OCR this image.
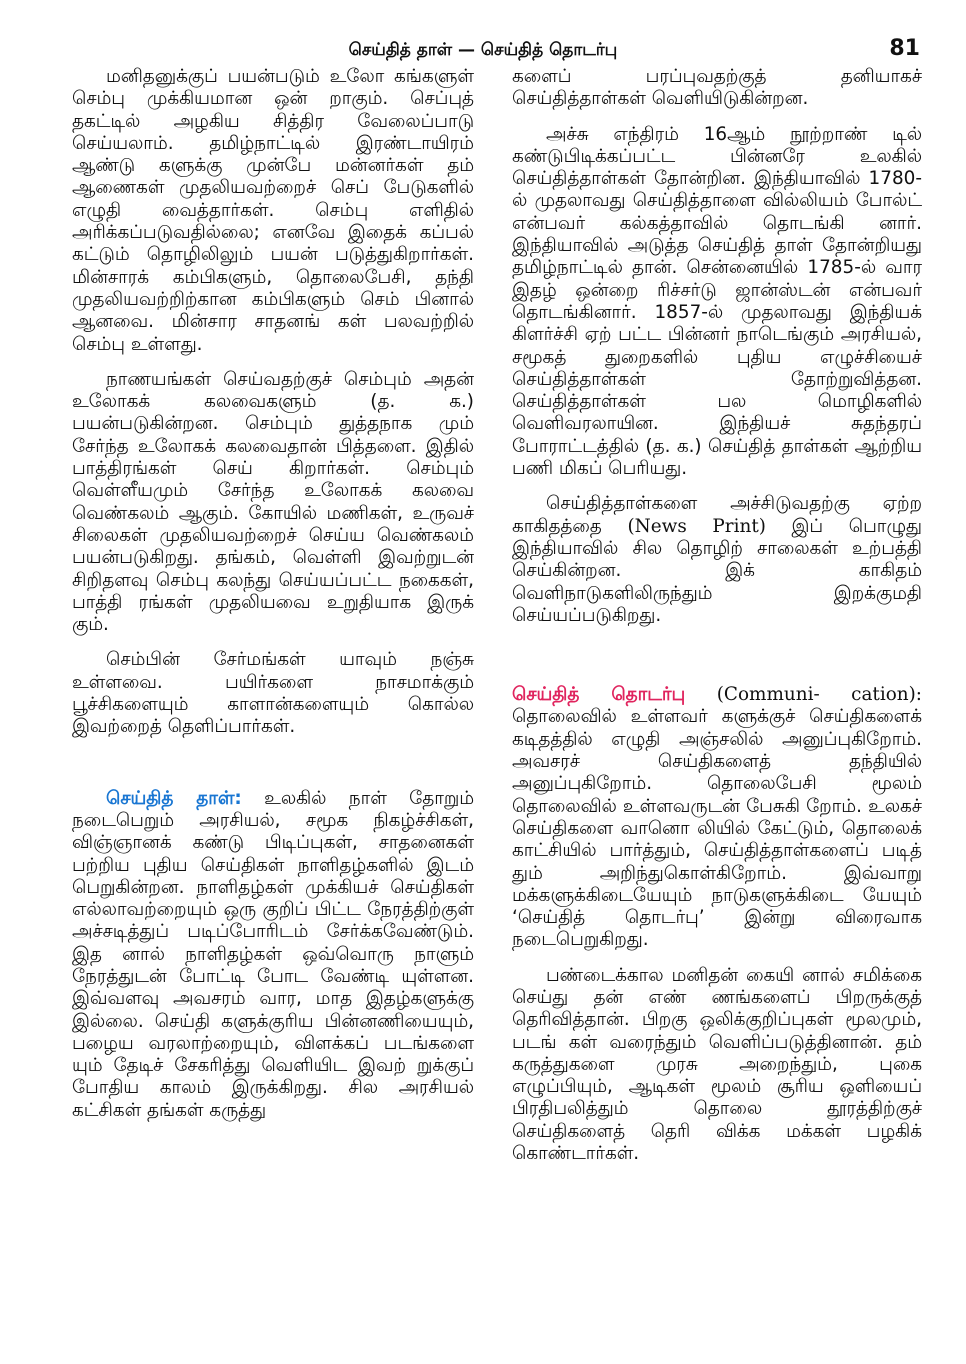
செய்தித் தாள் — செய்தித் தொடர்பு	81

மனிதனுக்குப் பயன்படும் உலோ கங்களுள் செம்பு முக்கியமான ஒன் றாகும். செப்புத் தகட்டில் அழகிய சித்திர வேலைப்பாடு செய்யலாம். தமிழ்நாட்டில் இரண்டாயிரம் ஆண்டு களுக்கு முன்பே மன்னர்கள் தம் ஆணைகள் முதலியவற்றைச் செப் பேடுகளில் எழுதி வைத்தார்கள். செம்பு எளிதில் அரிக்கப்படுவதில்லை; எனவே இதைக் கப்பல் கட்டும் தொழிலிலும் பயன் படுத்துகிறார்கள். மின்சாரக் கம்பிகளும், தொலைபேசி, தந்தி முதலியவற்றிற்கான கம்பிகளும் செம் பினால் ஆனவை. மின்சார சாதனங் கள் பலவற்றில் செம்பு உள்ளது.

நாணயங்கள் செய்வதற்குச் செம்பும் அதன் உலோகக் கலவைகளும் (த. க.) பயன்படுகின்றன. செம்பும் துத்தநாக மும் சேர்ந்த உலோகக் கலவைதான் பித்தளை. இதில் பாத்திரங்கள் செய் கிறார்கள். செம்பும் வெள்ளீயமும் சேர்ந்த உலோகக் கலவை வெண்கலம் ஆகும். கோயில் மணிகள், உருவச் சிலைகள் முதலியவற்றைச் செய்ய வெண்கலம் பயன்படுகிறது. தங்கம், வெள்ளி இவற்றுடன் சிறிதளவு செம்பு கலந்து செய்யப்பட்ட நகைகள், பாத்தி ரங்கள் முதலியவை உறுதியாக இருக் கும்.

செம்பின் சேர்மங்கள் யாவும் நஞ்சு உள்ளவை. பயிர்களை நாசமாக்கும் பூச்சிகளையும் காளான்களையும் கொல்ல இவற்றைத் தெளிப்பார்கள்.

செய்தித் தாள்: உலகில் நாள் தோறும் நடைபெறும் அரசியல், சமூக நிகழ்ச்சிகள், விஞ்ஞானக் கண்டு பிடிப்புகள், சாதனைகள் பற்றிய புதிய செய்திகள் நாளிதழ்களில் இடம் பெறுகின்றன. நாளிதழ்கள் முக்கியச் செய்திகள் எல்லாவற்றையும் ஒரு குறிப் பிட்ட நேரத்திற்குள் அச்சடித்துப் படிப்போரிடம் சேர்க்கவேண்டும். இத னால் நாளிதழ்கள் ஒவ்வொரு நாளும் நேரத்துடன் போட்டி போட வேண்டி யுள்ளன. இவ்வளவு அவசரம் வார, மாத இதழ்களுக்கு இல்லை. செய்தி களுக்குரிய பின்னணியையும், பழைய வரலாற்றையும், விளக்கப் படங்களை யும் தேடிச் சேகரித்து வெளியிட இவற் றுக்குப் போதிய காலம் இருக்கிறது. சில அரசியல் கட்சிகள் தங்கள் கருத்து

களைப் பரப்புவதற்குத் தனியாகச் செய்தித்தாள்கள் வெளியிடுகின்றன.

அச்சு எந்திரம் 16ஆம் நூற்றாண் டில் கண்டுபிடிக்கப்பட்ட பின்னரே உலகில் செய்தித்தாள்கள் தோன்றின. இந்தியாவில் 1780-ல் முதலாவது செய்தித்தாளை வில்லியம் போல்ட் என்பவர் கல்கத்தாவில் தொடங்கி னார். இந்தியாவில் அடுத்த செய்தித் தாள் தோன்றியது தமிழ்நாட்டில் தான். சென்னையில் 1785-ல் வார இதழ் ஒன்றை ரிச்சர்டு ஜான்ஸ்டன் என்பவர் தொடங்கினார். 1857-ல் முதலாவது இந்தியக் கிளர்ச்சி ஏற் பட்ட பின்னர் நாடெங்கும் அரசியல், சமூகத் துறைகளில் புதிய எழுச்சியைச் செய்தித்தாள்கள் தோற்றுவித்தன. செய்தித்தாள்கள் பல மொழிகளில் வெளிவரலாயின. இந்தியச் சுதந்தரப் போராட்டத்தில் (த. க.) செய்தித் தாள்கள் ஆற்றிய பணி மிகப் பெரியது.

செய்தித்தாள்களை அச்சிடுவதற்கு ஏற்ற காகிதத்தை (News Print) இப் பொழுது இந்தியாவில் சில தொழிற் சாலைகள் உற்பத்தி செய்கின்றன. இக் காகிதம் வெளிநாடுகளிலிருந்தும் இறக்குமதி செய்யப்படுகிறது.

செய்தித் தொடர்பு (Communi- cation): தொலைவில் உள்ளவர் களுக்குச் செய்திகளைக் கடிதத்தில் எழுதி அஞ்சலில் அனுப்புகிறோம். அவசரச் செய்திகளைத் தந்தியில் அனுப்புகிறோம். தொலைபேசி மூலம் தொலைவில் உள்ளவருடன் பேசுகி றோம். உலகச் செய்திகளை வானொ லியில் கேட்டும், தொலைக் காட்சியில் பார்த்தும், செய்தித்தாள்களைப் படித் தும் அறிந்துகொள்கிறோம். இவ்வாறு மக்களுக்கிடையேயும் நாடுகளுக்கிடை யேயும் ‘செய்தித் தொடர்பு’ இன்று விரைவாக நடைபெறுகிறது.

பண்டைக்கால மனிதன் கையி னால் சமிக்கை செய்து தன் எண் ணங்களைப் பிறருக்குத் தெரிவித்தான். பிறகு ஒலிக்குறிப்புகள் மூலமும், படங் கள் வரைந்தும் வெளிப்படுத்தினான். தம் கருத்துகளை முரசு அறைந்தும், புகை எழுப்பியும், ஆடிகள் மூலம் சூரிய ஒளியைப் பிரதிபலித்தும் தொலை தூரத்திற்குச் செய்திகளைத் தெரி விக்க மக்கள் பழகிக் கொண்டார்கள்.
